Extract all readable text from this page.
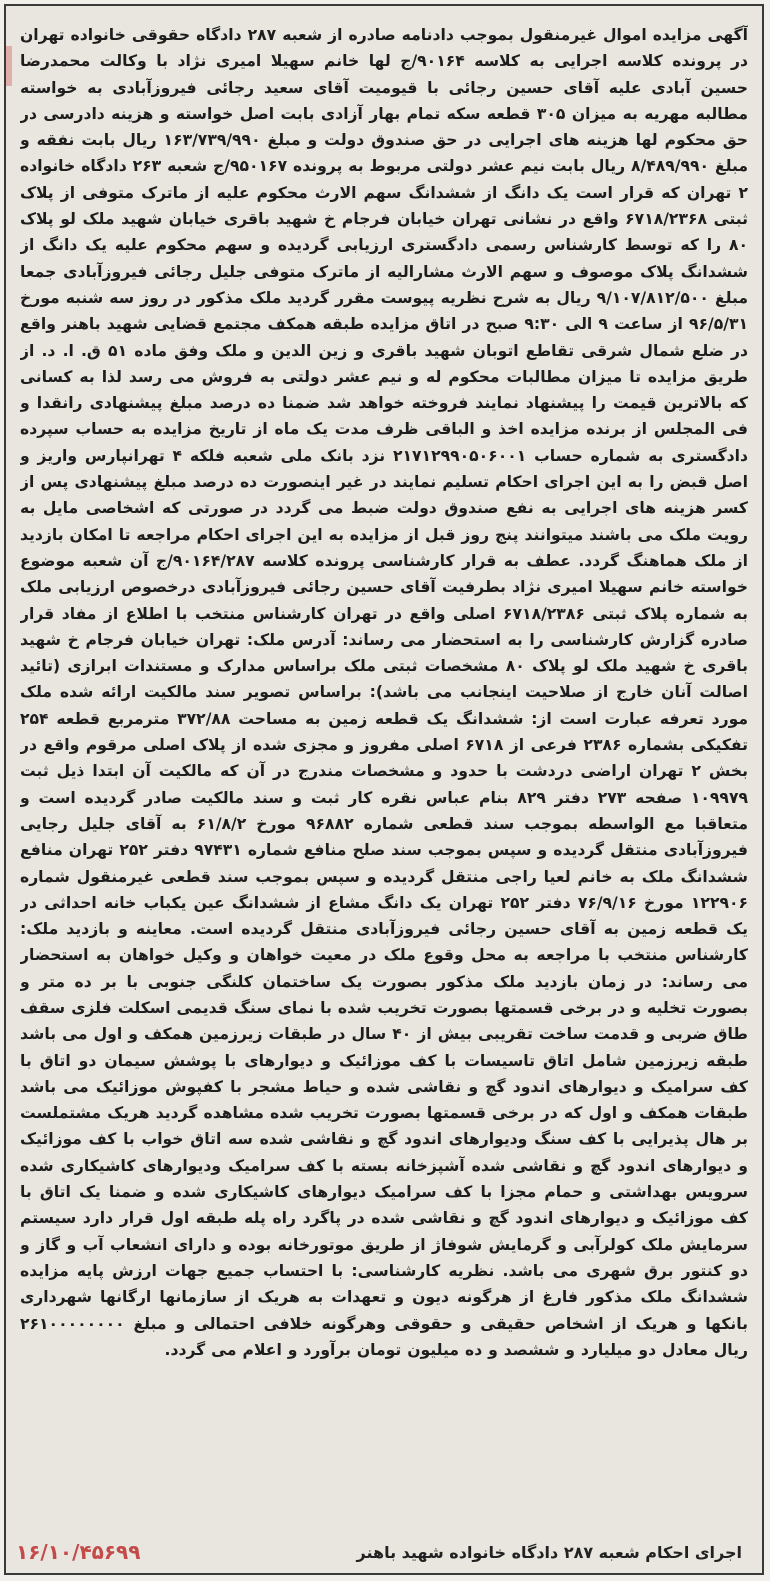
آگهی مزایده اموال غیرمنقول بموجب دادنامه صادره از شعبه ۲۸۷ دادگاه حقوقی خانواده تهران در پرونده کلاسه اجرایی به کلاسه ۹۰۱۶۴/ج لها خانم سهیلا امیری نژاد با وکالت محمدرضا حسین آبادی علیه آقای حسین رجائی با قیومیت آقای سعید رجائی فیروزآبادی به خواسته مطالبه مهریه به میزان ۳۰۵ قطعه سکه تمام بهار آزادی بابت اصل خواسته و هزینه دادرسی در حق محکوم لها هزینه های اجرایی در حق صندوق دولت و مبلغ ۱۶۳/۷۳۹/۹۹۰ ریال بابت نفقه و مبلغ ۸/۴۸۹/۹۹۰ ریال بابت نیم عشر دولتی مربوط به پرونده ۹۵۰۱۶۷/ج شعبه ۲۶۳ دادگاه خانواده ۲ تهران که قرار است یک دانگ از ششدانگ سهم الارث محکوم علیه از ماترک متوفی از پلاک ثبتی ۶۷۱۸/۲۳۶۸ واقع در نشانی تهران خیابان فرجام خ شهید باقری خیابان شهید ملک لو پلاک ۸۰ را که توسط کارشناس رسمی دادگستری ارزیابی گردیده و سهم محکوم علیه یک دانگ از ششدانگ پلاک موصوف و سهم الارث مشارالیه از ماترک متوفی جلیل رجائی فیروزآبادی جمعا مبلغ ۹/۱۰۷/۸۱۲/۵۰۰ ریال به شرح نظریه پیوست مقرر گردید ملک مذکور در روز سه شنبه مورخ ۹۶/۵/۳۱ از ساعت ۹ الی ۹:۳۰ صبح در اتاق مزایده طبقه همکف مجتمع قضایی شهید باهنر واقع در ضلع شمال شرقی تقاطع اتوبان شهید باقری و زین الدین و ملک وفق ماده ۵۱ ق. ا. د. از طریق مزایده تا میزان مطالبات محکوم له و نیم عشر دولتی به فروش می رسد لذا به کسانی که بالاترین قیمت را پیشنهاد نمایند فروخته خواهد شد ضمنا ده درصد مبلغ پیشنهادی رانقدا و فی المجلس از برنده مزایده اخذ و الباقی ظرف مدت یک ماه از تاریخ مزایده به حساب سپرده دادگستری به شماره حساب ۲۱۷۱۲۹۹۰۵۰۶۰۰۱ نزد بانک ملی شعبه فلکه ۴ تهرانپارس واریز و اصل قبض را به این اجرای احکام تسلیم نمایند در غیر اینصورت ده درصد مبلغ پیشنهادی پس از کسر هزینه های اجرایی به نفع صندوق دولت ضبط می گردد در صورتی که اشخاصی مایل به رویت ملک می باشند میتوانند پنج روز قبل از مزایده به این اجرای احکام مراجعه تا امکان بازدید از ملک هماهنگ گردد. عطف به قرار کارشناسی پرونده کلاسه ۹۰۱۶۴/۲۸۷/ج آن شعبه موضوع خواسته خانم سهیلا امیری نژاد بطرفیت آقای حسین رجائی فیروزآبادی درخصوص ارزیابی ملک به شماره پلاک ثبتی ۶۷۱۸/۲۳۸۶ اصلی واقع در تهران کارشناس منتخب با اطلاع از مفاد قرار صادره گزارش کارشناسی را به استحضار می رساند: آدرس ملک: تهران خیابان فرجام خ شهید باقری خ شهید ملک لو پلاک ۸۰ مشخصات ثبتی ملک براساس مدارک و مستندات ابرازی (تائید اصالت آنان خارج از صلاحیت اینجانب می باشد): براساس تصویر سند مالکیت ارائه شده ملک مورد تعرفه عبارت است از: ششدانگ یک قطعه زمین به مساحت ۳۷۲/۸۸ مترمربع قطعه ۲۵۴ تفکیکی بشماره ۲۳۸۶ فرعی از ۶۷۱۸ اصلی مفروز و مجزی شده از پلاک اصلی مرقوم واقع در بخش ۲ تهران اراضی دردشت با حدود و مشخصات مندرج در آن که مالکیت آن ابتدا ذیل ثبت ۱۰۹۹۷۹ صفحه ۲۷۳ دفتر ۸۲۹ بنام عباس نقره کار ثبت و سند مالکیت صادر گردیده است و متعاقبا مع الواسطه بموجب سند قطعی شماره ۹۶۸۸۲ مورخ ۶۱/۸/۲ به آقای جلیل رجایی فیروزآبادی منتقل گردیده و سپس بموجب سند صلح منافع شماره ۹۷۴۳۱ دفتر ۲۵۲ تهران منافع ششدانگ ملک به خانم لعیا راجی منتقل گردیده و سپس بموجب سند قطعی غیرمنقول شماره ۱۲۲۹۰۶ مورخ ۷۶/۹/۱۶ دفتر ۲۵۲ تهران یک دانگ مشاع از ششدانگ عین یکباب خانه احداثی در یک قطعه زمین به آقای حسین رجائی فیروزآبادی منتقل گردیده است. معاینه و بازدید ملک: کارشناس منتخب با مراجعه به محل وقوع ملک در معیت خواهان و وکیل خواهان به استحضار می رساند: در زمان بازدید ملک مذکور بصورت یک ساختمان کلنگی جنوبی با بر ده متر و بصورت تخلیه و در برخی قسمتها بصورت تخریب شده با نمای سنگ قدیمی اسکلت فلزی سقف طاق ضربی و قدمت ساخت تقریبی بیش از ۴۰ سال در طبقات زیرزمین همکف و اول می باشد طبقه زیرزمین شامل اتاق تاسیسات با کف موزائیک و دیوارهای با پوشش سیمان دو اتاق با کف سرامیک و دیوارهای اندود گچ و نقاشی شده و حیاط مشجر با کفپوش موزائیک می باشد طبقات همکف و اول که در برخی قسمتها بصورت تخریب شده مشاهده گردید هریک مشتملست بر هال پذیرایی با کف سنگ ودیوارهای اندود گچ و نقاشی شده سه اتاق خواب با کف موزائیک و دیوارهای اندود گچ و نقاشی شده آشپزخانه بسته با کف سرامیک ودیوارهای کاشیکاری شده سرویس بهداشتی و حمام مجزا با کف سرامیک دیوارهای کاشیکاری شده و ضمنا یک اتاق با کف موزائیک و دیوارهای اندود گچ و نقاشی شده در پاگرد راه پله طبقه اول قرار دارد سیستم سرمایش ملک کولرآبی و گرمایش شوفاژ از طریق موتورخانه بوده و دارای انشعاب آب و گاز و دو کنتور برق شهری می باشد. نظریه کارشناسی: با احتساب جمیع جهات ارزش پایه مزایده ششدانگ ملک مذکور فارغ از هرگونه دیون و تعهدات به هریک از سازمانها ارگانها شهرداری بانکها و هریک از اشخاص حقیقی و حقوقی وهرگونه خلافی احتمالی و مبلغ ۲۶۱۰۰۰۰۰۰۰۰ ریال معادل دو میلیارد و ششصد و ده میلیون تومان برآورد و اعلام می گردد.

اجرای احکام شعبه ۲۸۷ دادگاه خانواده شهید باهنر
۱۶/۱۰/۴۵۶۹۹
